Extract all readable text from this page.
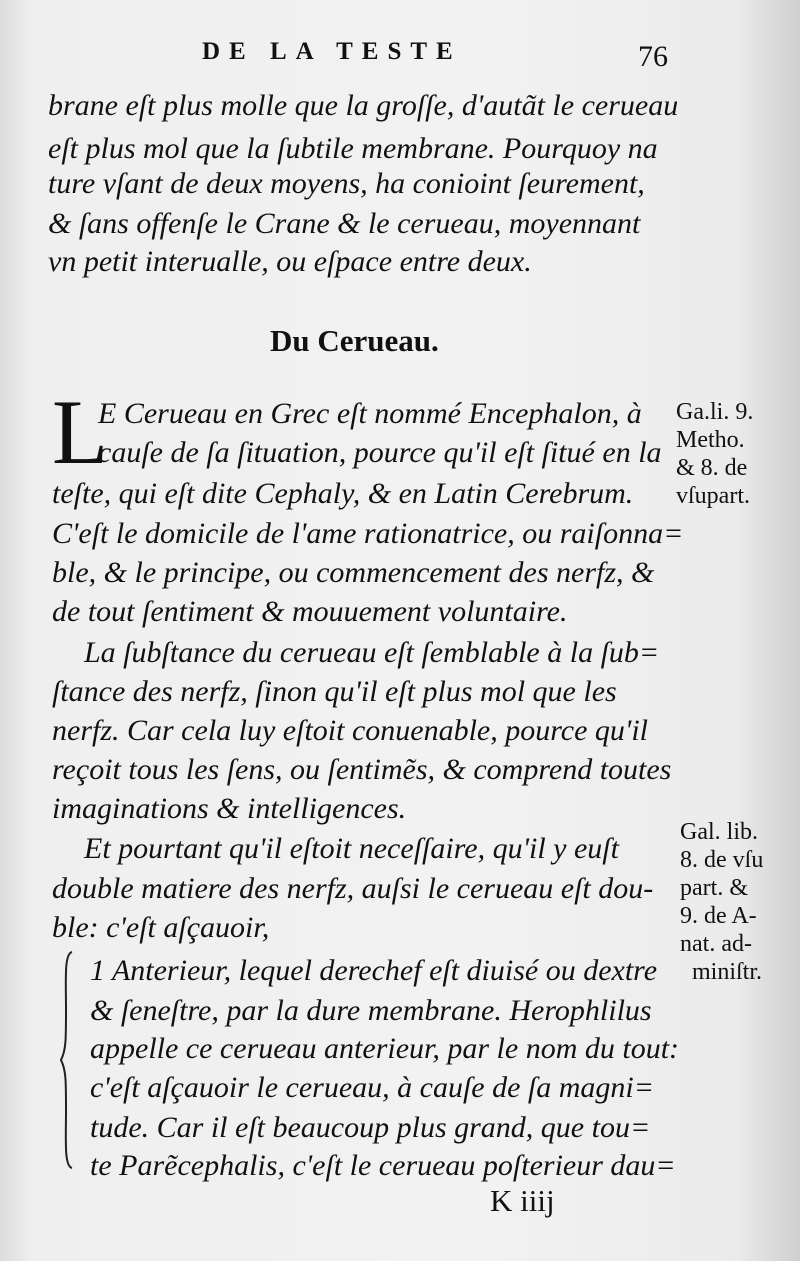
DE LA TESTE	76
brane eſt plus molle que la groſſe, d'autãt le cerueau
eſt plus mol que la ſubtile membrane. Pourquoy na
ture vſant de deux moyens, ha conioint ſeurement,
& ſans offenſe le Crane & le cerueau, moyennant
vn petit interualle, ou eſpace entre deux.
Du Cerueau.
L
E Cerueau en Grec eſt nommé Encephalon, à
cauſe de ſa ſituation, pource qu'il eſt ſitué en la
teſte, qui eſt dite Cephaly, & en Latin Cerebrum.
C'eſt le domicile de l'ame rationatrice, ou raiſonna=
ble, & le principe, ou commencement des nerfz, &
de tout ſentiment & mouuement voluntaire.
La ſubſtance du cerueau eſt ſemblable à la ſub=
ſtance des nerfz, ſinon qu'il eſt plus mol que les
nerfz. Car cela luy eſtoit conuenable, pource qu'il
reçoit tous les ſens, ou ſentimẽs, & comprend toutes
imaginations & intelligences.
Et pourtant qu'il eſtoit neceſſaire, qu'il y euſt
double matiere des nerfz, auſsi le cerueau eſt dou-
ble: c'eſt aſçauoir,
1 Anterieur, lequel derechef eſt diuisé ou dextre
& ſeneſtre, par la dure membrane. Herophlilus
appelle ce cerueau anterieur, par le nom du tout:
c'eſt aſçauoir le cerueau, à cauſe de ſa magni=
tude. Car il eſt beaucoup plus grand, que tou=
te Parẽcephalis, c'eſt le cerueau poſterieur dau=
Ga.li. 9.
Metho.
& 8. de
vſupart.
Gal. lib.
8. de vſu
part. &
9. de A-
nat. ad-
miniſtr.
K iiij
